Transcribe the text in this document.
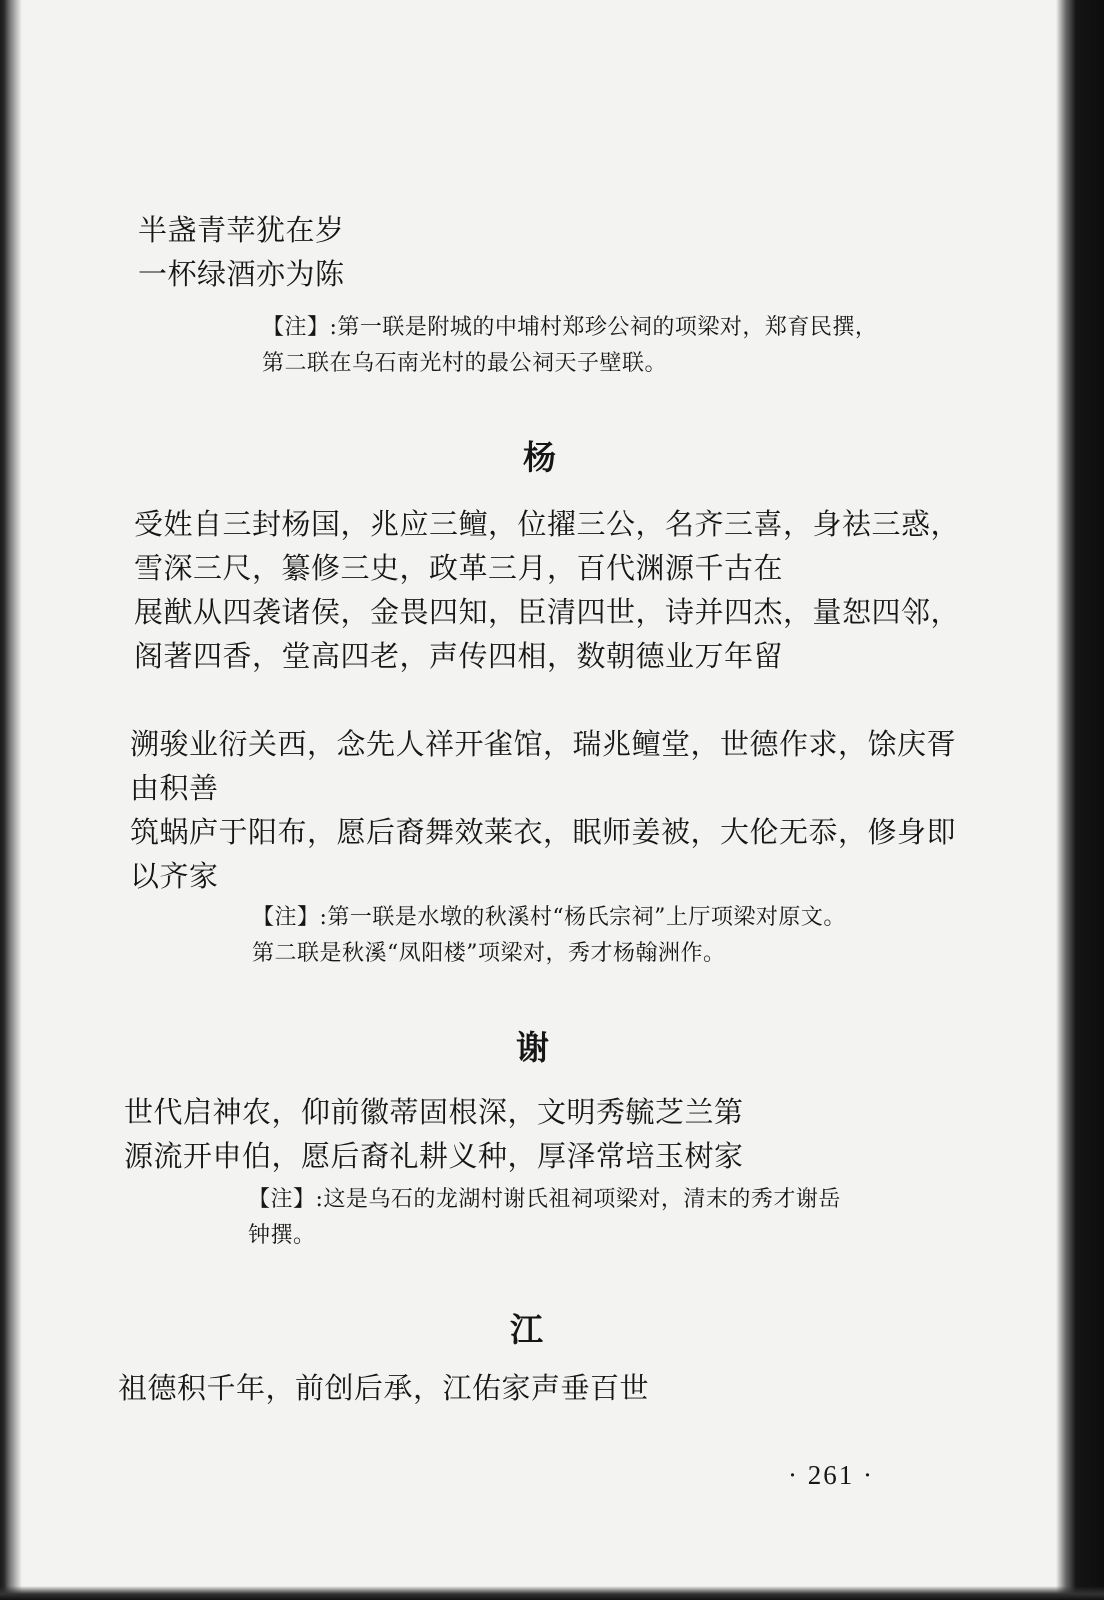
半盏青苹犹在岁
一杯绿酒亦为陈
【注】:第一联是附城的中埔村郑珍公祠的项梁对，郑育民撰，
第二联在乌石南光村的最公祠天子壁联。
杨
受姓自三封杨国，兆应三鳣，位擢三公，名齐三喜，身祛三惑，
雪深三尺，纂修三史，政革三月，百代渊源千古在
展猷从四袭诸侯，金畏四知，臣清四世，诗并四杰，量恕四邻，
阁著四香，堂高四老，声传四相，数朝德业万年留
溯骏业衍关西，念先人祥开雀馆，瑞兆鳣堂，世德作求，馀庆胥
由积善
筑蜗庐于阳布，愿后裔舞效莱衣，眠师姜被，大伦无忝，修身即
以齐家
【注】:第一联是水墩的秋溪村“杨氏宗祠”上厅项梁对原文。
第二联是秋溪“凤阳楼”项梁对，秀才杨翰洲作。
谢
世代启神农，仰前徽蒂固根深，文明秀毓芝兰第
源流开申伯，愿后裔礼耕义种，厚泽常培玉树家
【注】:这是乌石的龙湖村谢氏祖祠项梁对，清末的秀才谢岳
钟撰。
江
祖德积千年，前创后承，江佑家声垂百世
· 261 ·
